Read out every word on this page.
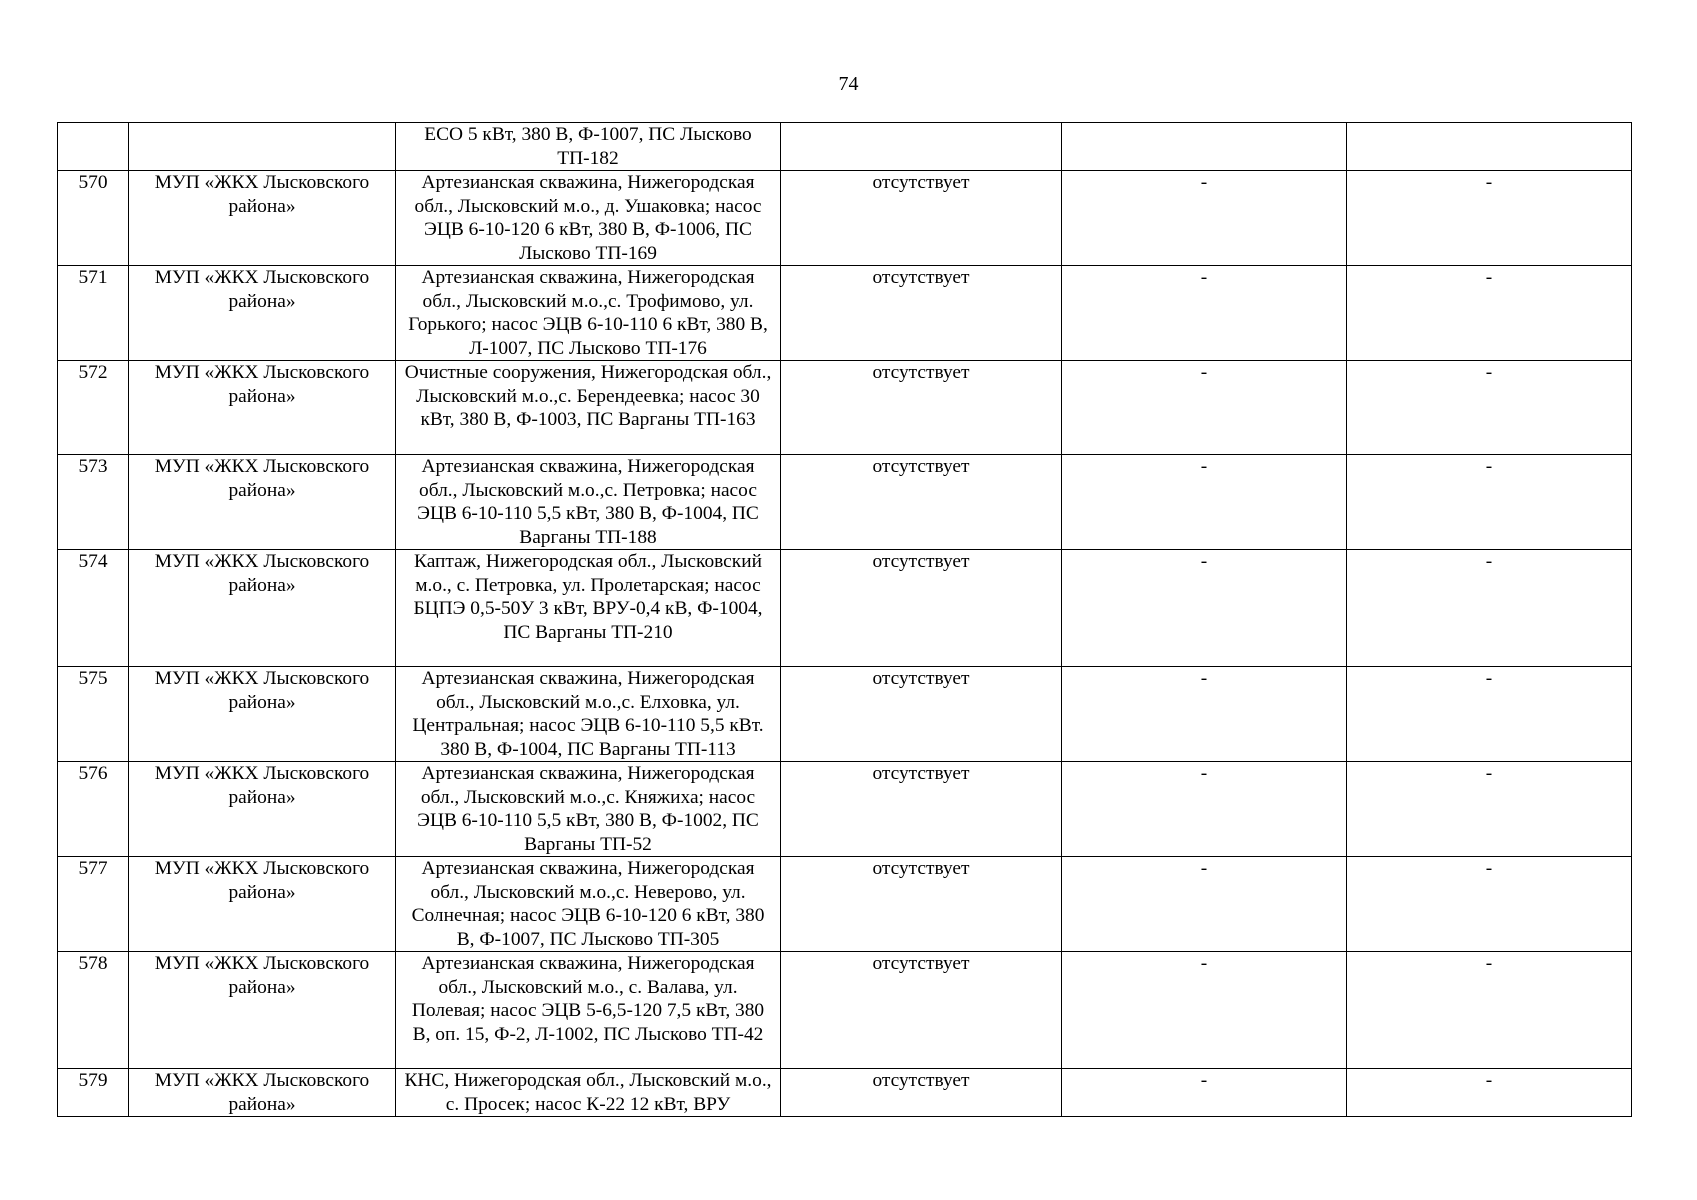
74
		ЕСО 5 кВт, 380 В, Ф-1007, ПС Лысково ТП-182			
570	МУП «ЖКХ Лысковского района»	Артезианская скважина, Нижегородская обл., Лысковский м.о., д. Ушаковка; насос ЭЦВ 6-10-120 6 кВт, 380 В, Ф-1006, ПС Лысково ТП-169	отсутствует	-	-
571	МУП «ЖКХ Лысковского района»	Артезианская скважина, Нижегородская обл., Лысковский м.о.,с. Трофимово, ул. Горького; насос ЭЦВ 6-10-110 6 кВт, 380 В, Л-1007, ПС Лысково ТП-176	отсутствует	-	-
572	МУП «ЖКХ Лысковского района»	Очистные сооружения, Нижегородская обл., Лысковский м.о.,с. Берендеевка; насос 30 кВт, 380 В, Ф-1003, ПС Варганы ТП-163	отсутствует	-	-
573	МУП «ЖКХ Лысковского района»	Артезианская скважина, Нижегородская обл., Лысковский м.о.,с. Петровка; насос ЭЦВ 6-10-110 5,5 кВт, 380 В, Ф-1004, ПС Варганы ТП-188	отсутствует	-	-
574	МУП «ЖКХ Лысковского района»	Каптаж, Нижегородская обл., Лысковский м.о., с. Петровка, ул. Пролетарская; насос БЦПЭ 0,5-50У 3 кВт, ВРУ-0,4 кВ, Ф-1004, ПС Варганы ТП-210	отсутствует	-	-
575	МУП «ЖКХ Лысковского района»	Артезианская скважина, Нижегородская обл., Лысковский м.о.,с. Елховка, ул. Центральная; насос ЭЦВ 6-10-110 5,5 кВт. 380 В, Ф-1004, ПС Варганы ТП-113	отсутствует	-	-
576	МУП «ЖКХ Лысковского района»	Артезианская скважина, Нижегородская обл., Лысковский м.о.,с. Княжиха; насос ЭЦВ 6-10-110 5,5 кВт, 380 В, Ф-1002, ПС Варганы ТП-52	отсутствует	-	-
577	МУП «ЖКХ Лысковского района»	Артезианская скважина, Нижегородская обл., Лысковский м.о.,с. Неверово, ул. Солнечная; насос ЭЦВ 6-10-120 6 кВт, 380 В, Ф-1007, ПС Лысково ТП-305	отсутствует	-	-
578	МУП «ЖКХ Лысковского района»	Артезианская скважина, Нижегородская обл., Лысковский м.о., с. Валава, ул. Полевая; насос ЭЦВ 5-6,5-120 7,5 кВт, 380 В, оп. 15, Ф-2, Л-1002, ПС Лысково ТП-42	отсутствует	-	-
579	МУП «ЖКХ Лысковского района»	КНС, Нижегородская обл., Лысковский м.о., с. Просек; насос К-22 12 кВт, ВРУ	отсутствует	-	-
